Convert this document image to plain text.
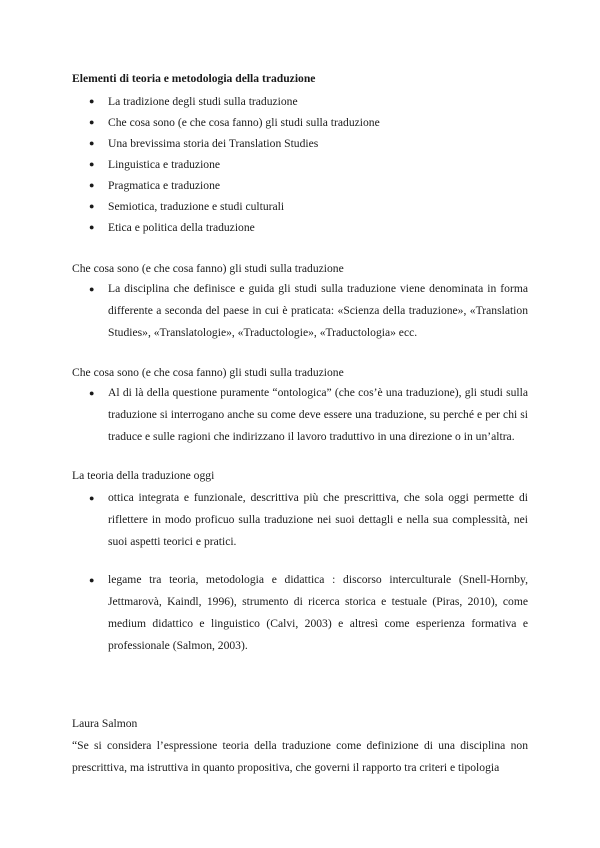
Elementi di teoria e metodologia della traduzione
● La tradizione degli studi sulla traduzione
● Che cosa sono (e che cosa fanno) gli studi sulla traduzione
● Una brevissima storia dei Translation Studies
● Linguistica e traduzione
● Pragmatica e traduzione
● Semiotica, traduzione e studi culturali
● Etica e politica della traduzione
Che cosa sono (e che cosa fanno) gli studi sulla traduzione
● La disciplina che definisce e guida gli studi sulla traduzione viene denominata in forma differente a seconda del paese in cui è praticata: «Scienza della traduzione», «Translation Studies», «Translatologie», «Traductologie», «Traductologia» ecc.
Che cosa sono (e che cosa fanno) gli studi sulla traduzione
● Al di là della questione puramente “ontologica” (che cos’è una traduzione), gli studi sulla traduzione si interrogano anche su come deve essere una traduzione, su perché e per chi si traduce e sulle ragioni che indirizzano il lavoro traduttivo in una direzione o in un’altra.
La teoria della traduzione oggi
● ottica integrata e funzionale, descrittiva più che prescrittiva, che sola oggi permette di riflettere in modo proficuo sulla traduzione nei suoi dettagli e nella sua complessità, nei suoi aspetti teorici e pratici.
● legame tra teoria, metodologia e didattica : discorso interculturale (Snell-Hornby, Jettmarovà, Kaindl, 1996), strumento di ricerca storica e testuale (Piras, 2010), come medium didattico e linguistico (Calvi, 2003) e altresì come esperienza formativa e professionale (Salmon, 2003).
Laura Salmon
“Se si considera l’espressione teoria della traduzione come definizione di una disciplina non prescrittiva, ma istruttiva in quanto propositiva, che governi il rapporto tra criteri e tipologia
